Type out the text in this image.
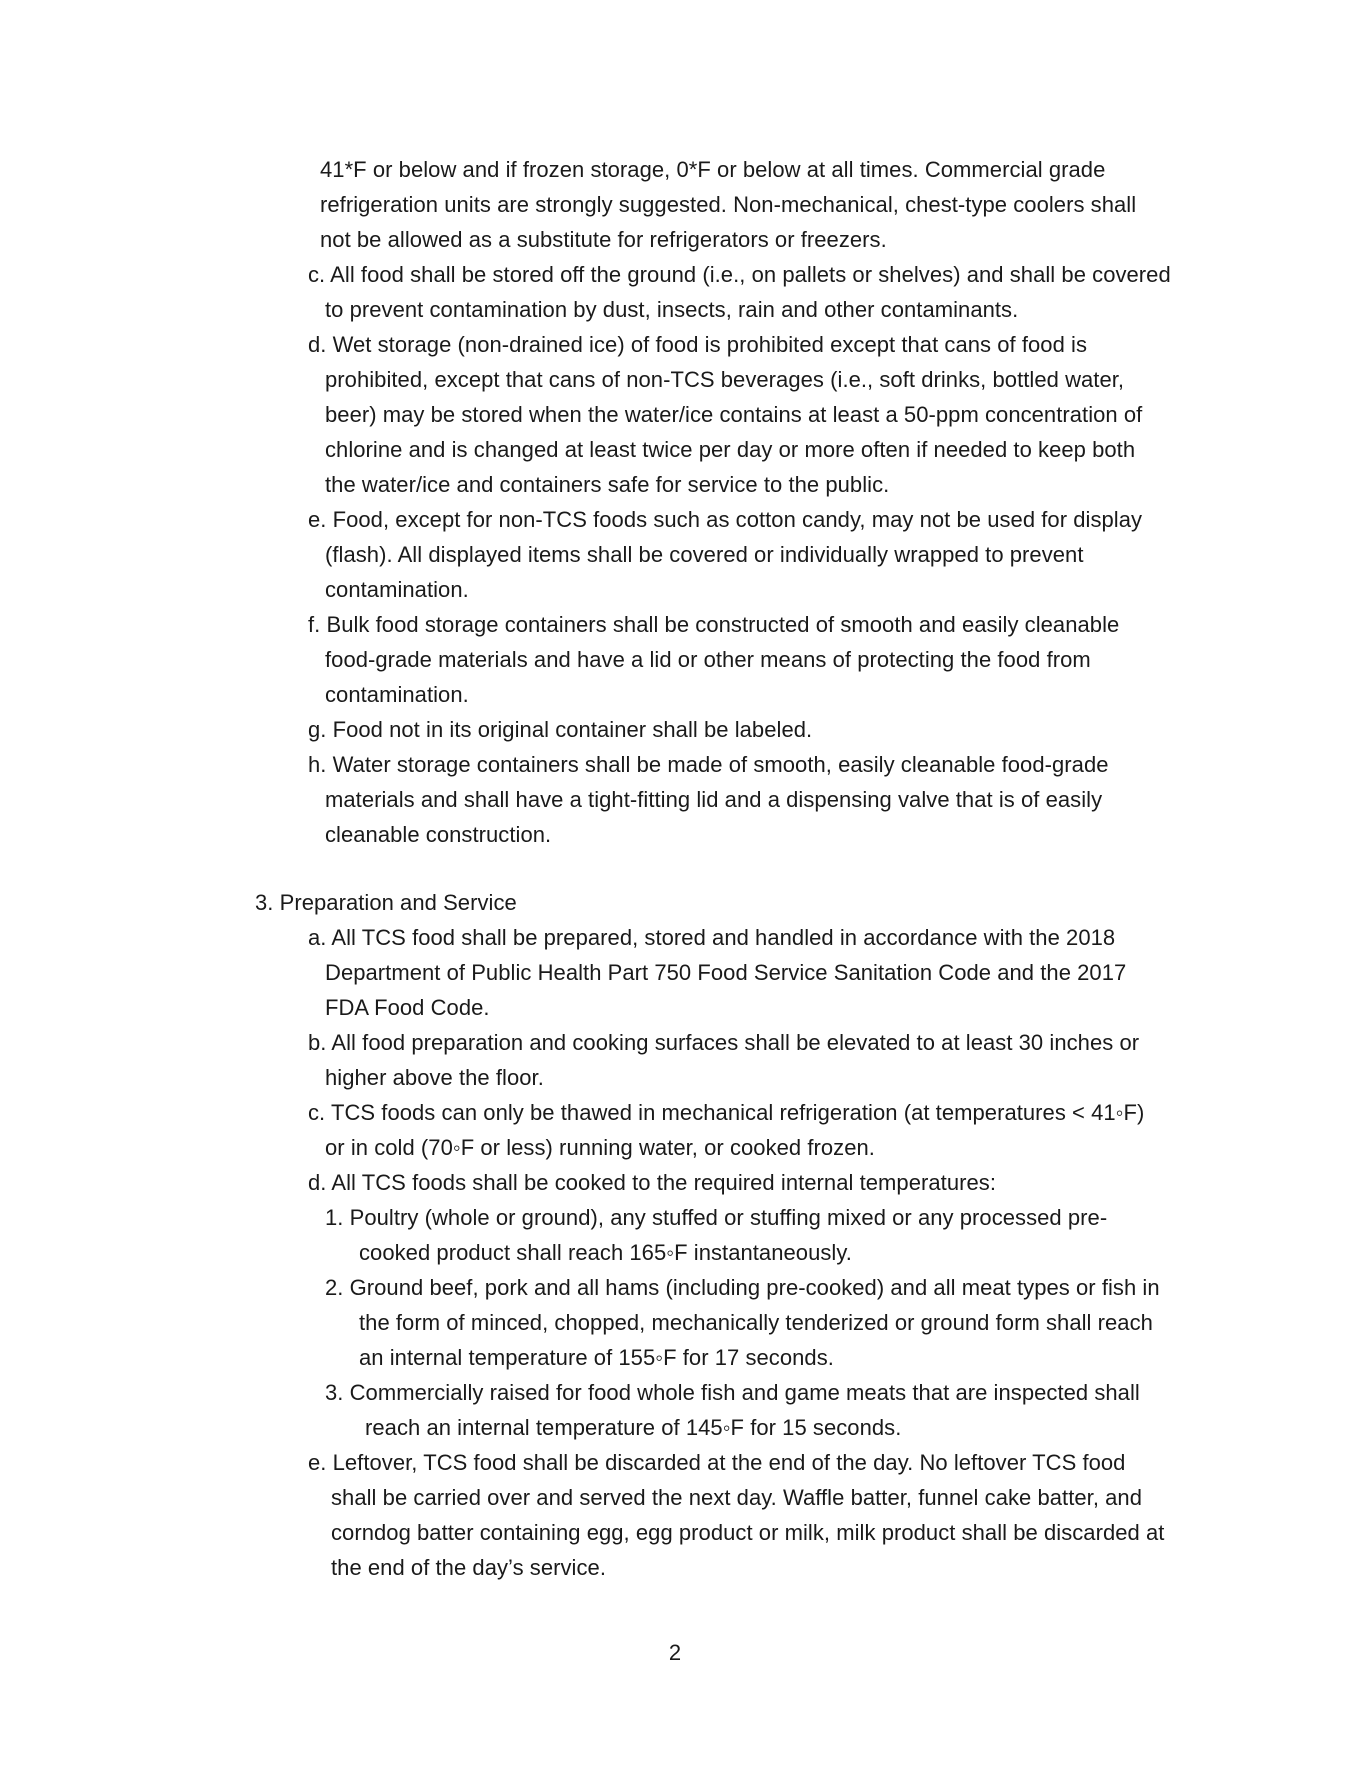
41*F or below and if frozen storage, 0*F or below at all times. Commercial grade
refrigeration units are strongly suggested. Non-mechanical, chest-type coolers shall
not be allowed as a substitute for refrigerators or freezers.
c. All food shall be stored off the ground (i.e., on pallets or shelves) and shall be covered
to prevent contamination by dust, insects, rain and other contaminants.
d. Wet storage (non-drained ice) of food is prohibited except that cans of food is
prohibited, except that cans of non-TCS beverages (i.e., soft drinks, bottled water,
beer) may be stored when the water/ice contains at least a 50-ppm concentration of
chlorine and is changed at least twice per day or more often if needed to keep both
the water/ice and containers safe for service to the public.
e. Food, except for non-TCS foods such as cotton candy, may not be used for display
(flash). All displayed items shall be covered or individually wrapped to prevent
contamination.
f. Bulk food storage containers shall be constructed of smooth and easily cleanable
food-grade materials and have a lid or other means of protecting the food from
contamination.
g. Food not in its original container shall be labeled.
h. Water storage containers shall be made of smooth, easily cleanable food-grade
materials and shall have a tight-fitting lid and a dispensing valve that is of easily
cleanable construction.
3. Preparation and Service
a. All TCS food shall be prepared, stored and handled in accordance with the 2018
Department of Public Health Part 750 Food Service Sanitation Code and the 2017
FDA Food Code.
b. All food preparation and cooking surfaces shall be elevated to at least 30 inches or
higher above the floor.
c. TCS foods can only be thawed in mechanical refrigeration (at temperatures < 41◦F)
or in cold (70◦F or less) running water, or cooked frozen.
d. All TCS foods shall be cooked to the required internal temperatures:
1. Poultry (whole or ground), any stuffed or stuffing mixed or any processed pre-
cooked product shall reach 165◦F instantaneously.
2. Ground beef, pork and all hams (including pre-cooked) and all meat types or fish in
the form of minced, chopped, mechanically tenderized or ground form shall reach
an internal temperature of 155◦F for 17 seconds.
3. Commercially raised for food whole fish and game meats that are inspected shall
reach an internal temperature of 145◦F for 15 seconds.
e. Leftover, TCS food shall be discarded at the end of the day. No leftover TCS food
shall be carried over and served the next day. Waffle batter, funnel cake batter, and
corndog batter containing egg, egg product or milk, milk product shall be discarded at
the end of the day’s service.
2
